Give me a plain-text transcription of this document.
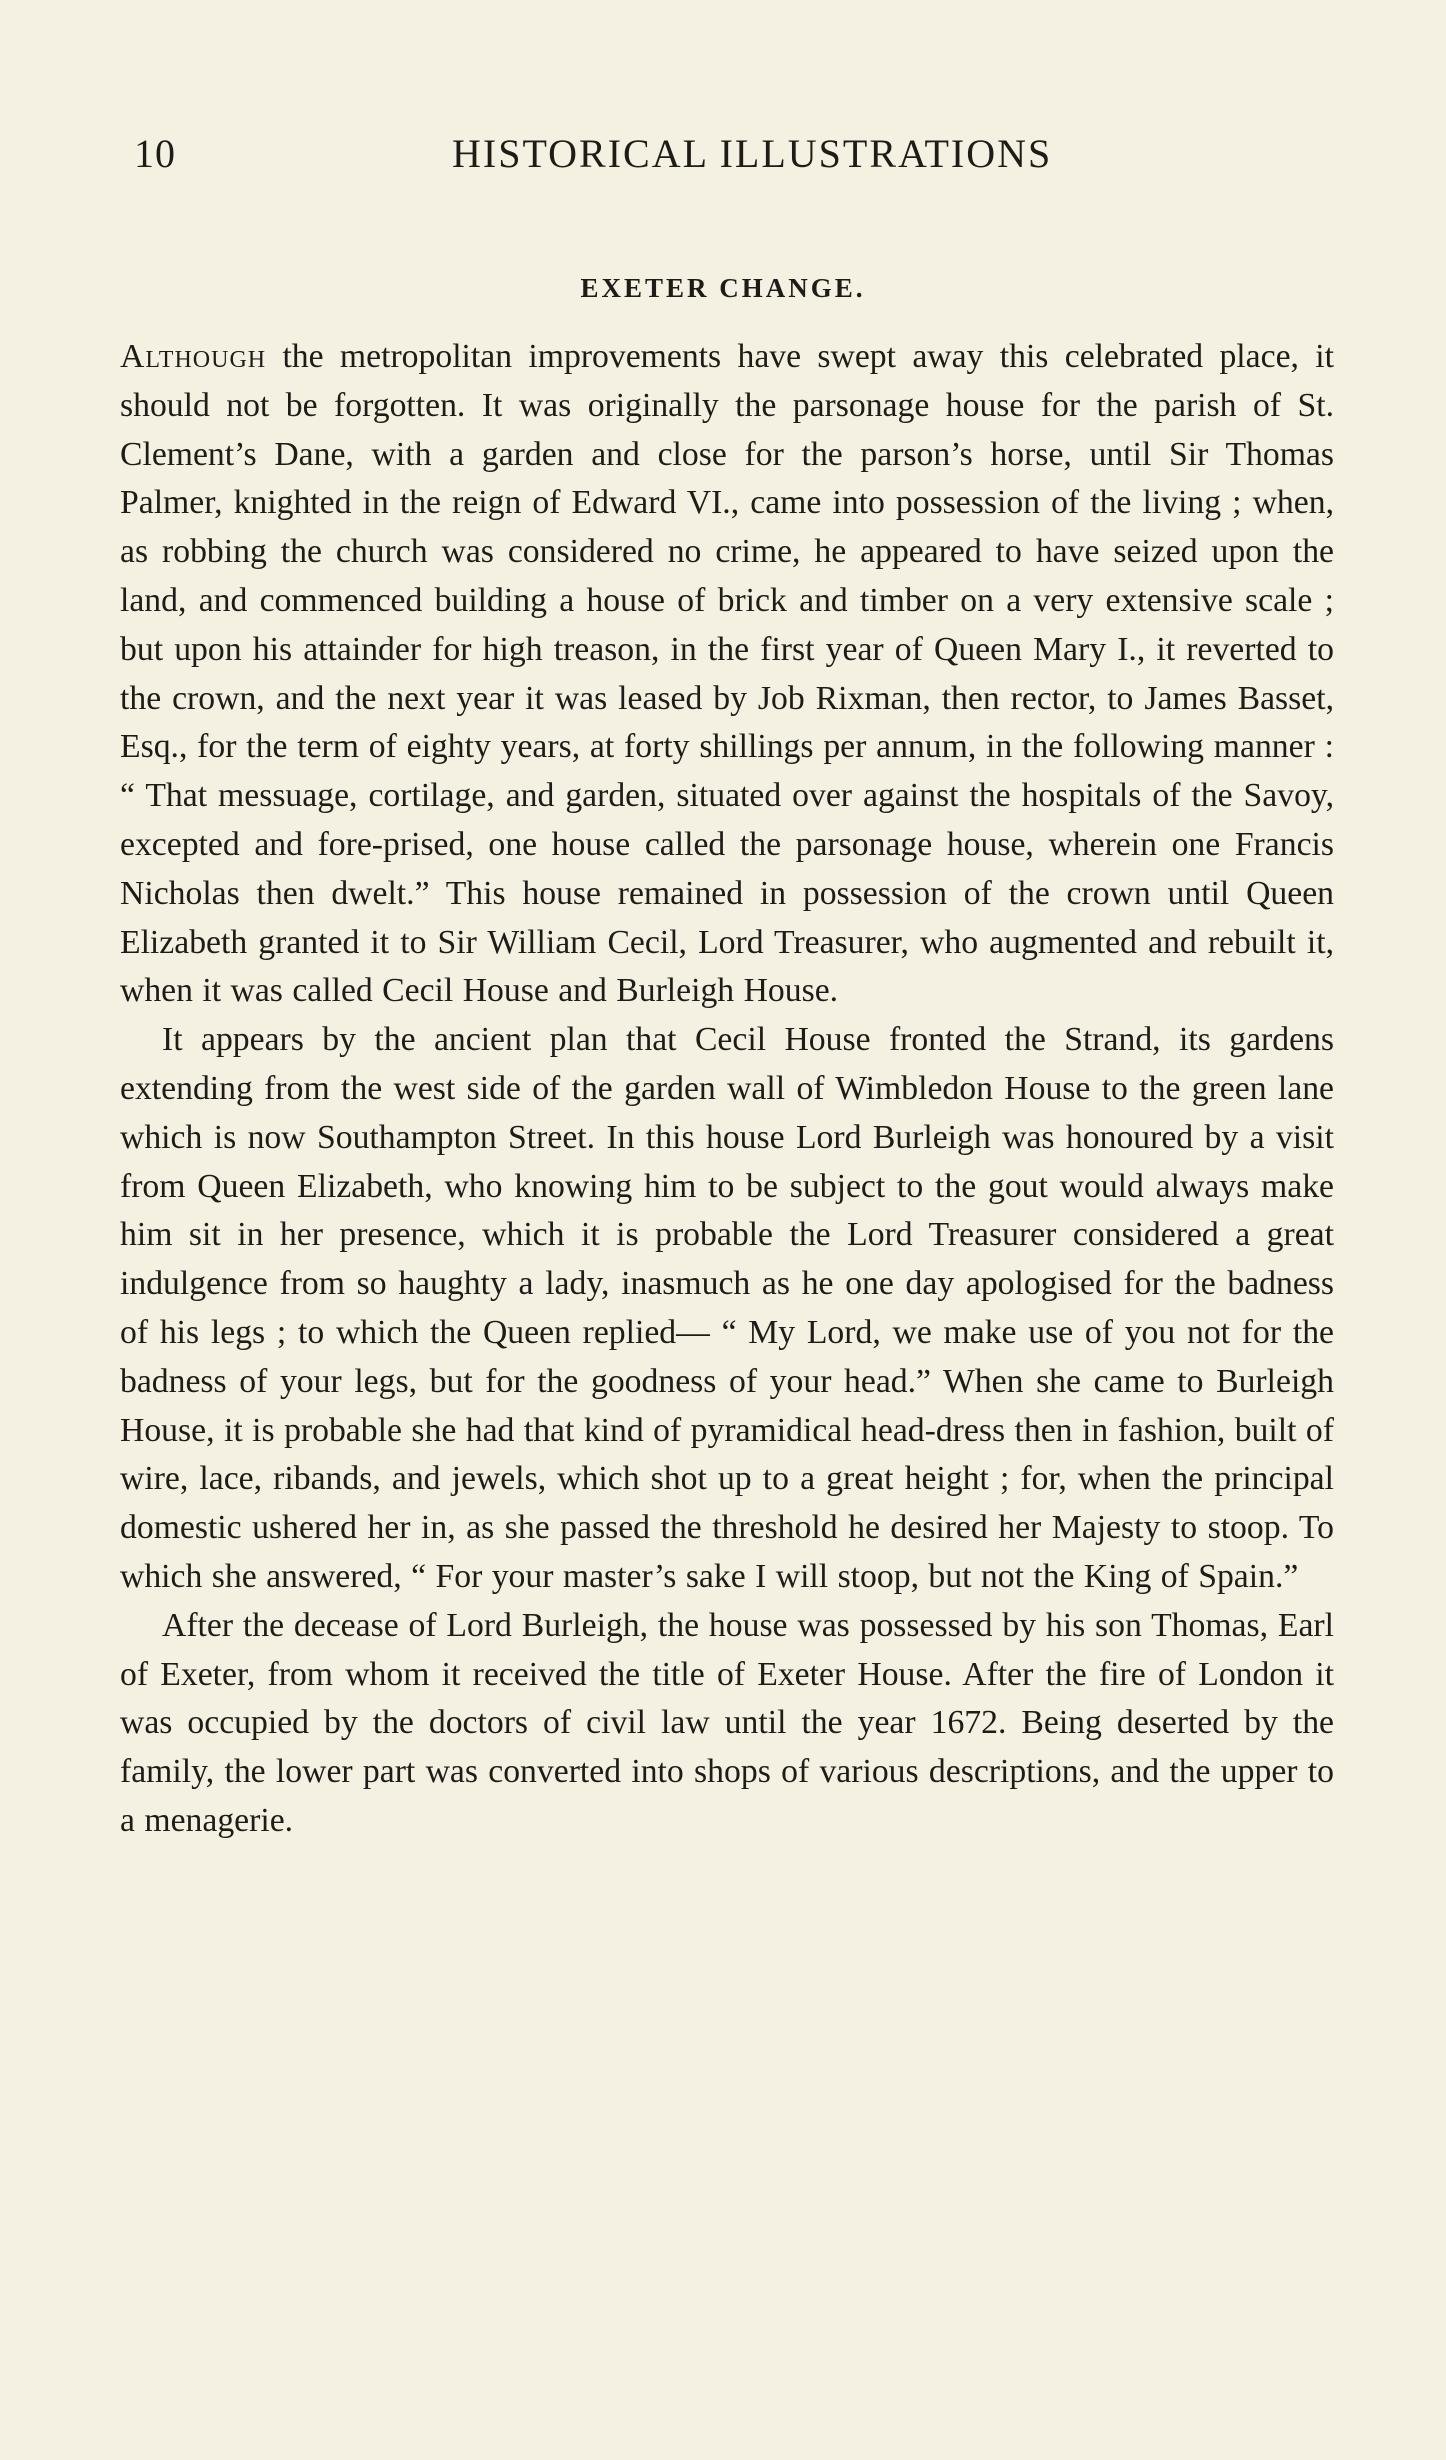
10	HISTORICAL ILLUSTRATIONS
EXETER CHANGE.

Although the metropolitan improvements have swept away this celebrated place, it should not be forgotten. It was originally the parsonage house for the parish of St. Clement’s Dane, with a garden and close for the parson’s horse, until Sir Thomas Palmer, knighted in the reign of Edward VI., came into possession of the living ; when, as robbing the church was considered no crime, he appeared to have seized upon the land, and commenced building a house of brick and timber on a very extensive scale ; but upon his attainder for high treason, in the first year of Queen Mary I., it reverted to the crown, and the next year it was leased by Job Rixman, then rector, to James Basset, Esq., for the term of eighty years, at forty shillings per annum, in the following manner : “ That messuage, cortilage, and garden, situated over against the hospitals of the Savoy, excepted and fore-prised, one house called the parsonage house, wherein one Francis Nicholas then dwelt.” This house remained in possession of the crown until Queen Elizabeth granted it to Sir William Cecil, Lord Treasurer, who augmented and rebuilt it, when it was called Cecil House and Burleigh House.

It appears by the ancient plan that Cecil House fronted the Strand, its gardens extending from the west side of the garden wall of Wimbledon House to the green lane which is now Southampton Street. In this house Lord Burleigh was honoured by a visit from Queen Elizabeth, who knowing him to be subject to the gout would always make him sit in her presence, which it is probable the Lord Treasurer considered a great indulgence from so haughty a lady, inasmuch as he one day apologised for the badness of his legs ; to which the Queen replied— “ My Lord, we make use of you not for the badness of your legs, but for the goodness of your head.” When she came to Burleigh House, it is probable she had that kind of pyramidical head-dress then in fashion, built of wire, lace, ribands, and jewels, which shot up to a great height ; for, when the principal domestic ushered her in, as she passed the threshold he desired her Majesty to stoop. To which she answered, “ For your master’s sake I will stoop, but not the King of Spain.”

After the decease of Lord Burleigh, the house was possessed by his son Thomas, Earl of Exeter, from whom it received the title of Exeter House. After the fire of London it was occupied by the doctors of civil law until the year 1672. Being deserted by the family, the lower part was converted into shops of various descriptions, and the upper to a menagerie.
